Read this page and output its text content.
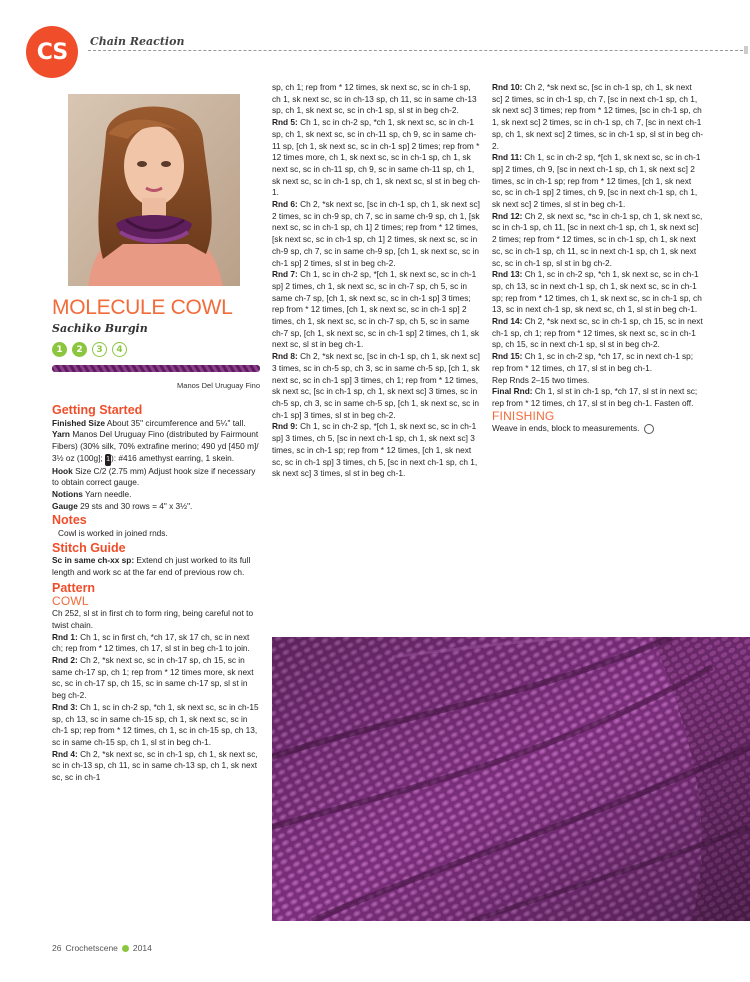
CS	Chain Reaction
MOLECULE COWL
Sachiko Burgin
1	2	3	4
Manos Del Uruguay Fino
Getting Started

Finished Size About 35" circumference and 5¼" tall.

Yarn Manos Del Uruguay Fino (distributed by Fairmount Fibers) (30% silk, 70% extrafine merino; 490 yd [450 m]/ 3½ oz (100g]; 1): #416 amethyst earring, 1 skein.

Hook Size C/2 (2.75 mm) Adjust hook size if necessary to obtain correct gauge.

Notions Yarn needle.

Gauge 29 sts and 30 rows = 4" x 3½".

Notes

Cowl is worked in joined rnds.

Stitch Guide

Sc in same ch-xx sp: Extend ch just worked to its full length and work sc at the far end of previous row ch.

Pattern
COWL

Ch 252, sl st in first ch to form ring, being careful not to twist chain.

Rnd 1: Ch 1, sc in first ch, *ch 17, sk 17 ch, sc in next ch; rep from * 12 times, ch 17, sl st in beg ch-1 to join.

Rnd 2: Ch 2, *sk next sc, sc in ch-17 sp, ch 15, sc in same ch-17 sp, ch 1; rep from * 12 times more, sk next sc, sc in ch-17 sp, ch 15, sc in same ch-17 sp, sl st in beg ch-2.

Rnd 3: Ch 1, sc in ch-2 sp, *ch 1, sk next sc, sc in ch-15 sp, ch 13, sc in same ch-15 sp, ch 1, sk next sc, sc in ch-1 sp; rep from * 12 times, ch 1, sc in ch-15 sp, ch 13, sc in same ch-15 sp, ch 1, sl st in beg ch-1.

Rnd 4: Ch 2, *sk next sc, sc in ch-1 sp, ch 1, sk next sc, sc in ch-13 sp, ch 11, sc in same ch-13 sp, ch 1, sk next sc, sc in ch-1

sp, ch 1; rep from * 12 times, sk next sc, sc in ch-1 sp, ch 1, sk next sc, sc in ch-13 sp, ch 11, sc in same ch-13 sp, ch 1, sk next sc, sc in ch-1 sp, sl st in beg ch-2.

Rnd 5: Ch 1, sc in ch-2 sp, *ch 1, sk next sc, sc in ch-1 sp, ch 1, sk next sc, sc in ch-11 sp, ch 9, sc in same ch-11 sp, [ch 1, sk next sc, sc in ch-1 sp] 2 times; rep from * 12 times more, ch 1, sk next sc, sc in ch-1 sp, ch 1, sk next sc, sc in ch-11 sp, ch 9, sc in same ch-11 sp, ch 1, sk next sc, sc in ch-1 sp, ch 1, sk next sc, sl st in beg ch-1.

Rnd 6: Ch 2, *sk next sc, [sc in ch-1 sp, ch 1, sk next sc] 2 times, sc in ch-9 sp, ch 7, sc in same ch-9 sp, ch 1, [sk next sc, sc in ch-1 sp, ch 1] 2 times; rep from * 12 times, [sk next sc, sc in ch-1 sp, ch 1] 2 times, sk next sc, sc in ch-9 sp, ch 7, sc in same ch-9 sp, [ch 1, sk next sc, sc in ch-1 sp] 2 times, sl st in beg ch-2.

Rnd 7: Ch 1, sc in ch-2 sp, *[ch 1, sk next sc, sc in ch-1 sp] 2 times, ch 1, sk next sc, sc in ch-7 sp, ch 5, sc in same ch-7 sp, [ch 1, sk next sc, sc in ch-1 sp] 3 times; rep from * 12 times, [ch 1, sk next sc, sc in ch-1 sp] 2 times, ch 1, sk next sc, sc in ch-7 sp, ch 5, sc in same ch-7 sp, [ch 1, sk next sc, sc in ch-1 sp] 2 times, ch 1, sk next sc, sl st in beg ch-1.

Rnd 8: Ch 2, *sk next sc, [sc in ch-1 sp, ch 1, sk next sc] 3 times, sc in ch-5 sp, ch 3, sc in same ch-5 sp, [ch 1, sk next sc, sc in ch-1 sp] 3 times, ch 1; rep from * 12 times, sk next sc, [sc in ch-1 sp, ch 1, sk next sc] 3 times, sc in ch-5 sp, ch 3, sc in same ch-5 sp, [ch 1, sk next sc, sc in ch-1 sp] 3 times, sl st in beg ch-2.

Rnd 9: Ch 1, sc in ch-2 sp, *[ch 1, sk next sc, sc in ch-1 sp] 3 times, ch 5, [sc in next ch-1 sp, ch 1, sk next sc] 3 times, sc in ch-1 sp; rep from * 12 times, [ch 1, sk next sc, sc in ch-1 sp] 3 times, ch 5, [sc in next ch-1 sp, ch 1, sk next sc] 3 times, sl st in beg ch-1.

Rnd 10: Ch 2, *sk next sc, [sc in ch-1 sp, ch 1, sk next sc] 2 times, sc in ch-1 sp, ch 7, [sc in next ch-1 sp, ch 1, sk next sc] 3 times; rep from * 12 times, [sc in ch-1 sp, ch 1, sk next sc] 2 times, sc in ch-1 sp, ch 7, [sc in next ch-1 sp, ch 1, sk next sc] 2 times, sc in ch-1 sp, sl st in beg ch-2.

Rnd 11: Ch 1, sc in ch-2 sp, *[ch 1, sk next sc, sc in ch-1 sp] 2 times, ch 9, [sc in next ch-1 sp, ch 1, sk next sc] 2 times, sc in ch-1 sp; rep from * 12 times, [ch 1, sk next sc, sc in ch-1 sp] 2 times, ch 9, [sc in next ch-1 sp, ch 1, sk next sc] 2 times, sl st in beg ch-1.

Rnd 12: Ch 2, sk next sc, *sc in ch-1 sp, ch 1, sk next sc, sc in ch-1 sp, ch 11, [sc in next ch-1 sp, ch 1, sk next sc] 2 times; rep from * 12 times, sc in ch-1 sp, ch 1, sk next sc, sc in ch-1 sp, ch 11, sc in next ch-1 sp, ch 1, sk next sc, sc in ch-1 sp, sl st in bg ch-2.

Rnd 13: Ch 1, sc in ch-2 sp, *ch 1, sk next sc, sc in ch-1 sp, ch 13, sc in next ch-1 sp, ch 1, sk next sc, sc in ch-1 sp; rep from * 12 times, ch 1, sk next sc, sc in ch-1 sp, ch 13, sc in next ch-1 sp, sk next sc, ch 1, sl st in beg ch-1.

Rnd 14: Ch 2, *sk next sc, sc in ch-1 sp, ch 15, sc in next ch-1 sp, ch 1; rep from * 12 times, sk next sc, sc in ch-1 sp, ch 15, sc in next ch-1 sp, sl st in beg ch-2.

Rnd 15: Ch 1, sc in ch-2 sp, *ch 17, sc in next ch-1 sp; rep from * 12 times, ch 17, sl st in beg ch-1.

Rep Rnds 2–15 two times.

Final Rnd: Ch 1, sl st in ch-1 sp, *ch 17, sl st in next sc; rep from * 12 times, ch 17, sl st in beg ch-1. Fasten off.

FINISHING

Weave in ends, block to measurements.

26 Crochetscene 2014
